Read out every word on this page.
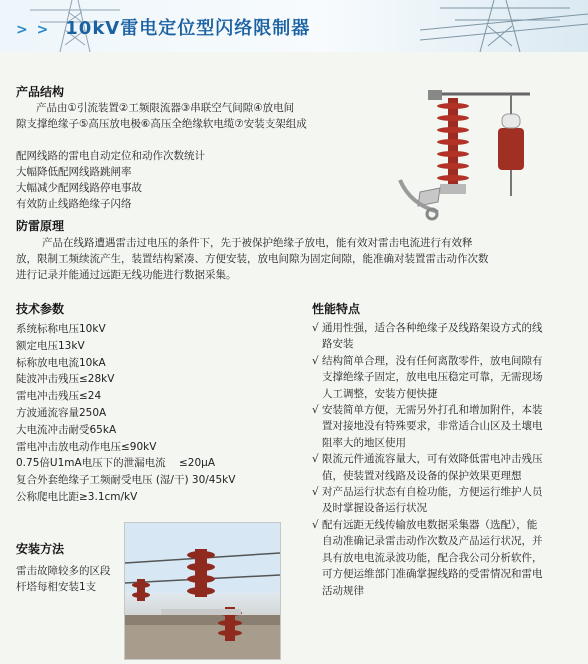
> > 10kV雷电定位型闪络限制器
产品结构
产品由①引流装置②工频限流器③串联空气间隙④放电间
隙支撑绝缘子⑤高压放电极⑥高压全绝缘软电缆⑦安装支架组成
配网线路的雷电自动定位和动作次数统计
大幅降低配网线路跳闸率
大幅减少配网线路停电事故
有效防止线路绝缘子闪络
防雷原理
产品在线路遭遇雷击过电压的条件下，先于被保护绝缘子放电，能有效对雷击电流进行有效释
放，限制工频续流产生，装置结构紧凑、方便安装，放电间隙为固定间隙，能准确对装置雷击动作次数
进行记录并能通过远距无线功能进行数据采集。
技术参数
系统标称电压10kV
额定电压13kV
标称放电电流10kA
陡波冲击残压≤28kV
雷电冲击残压≤24
方波通流容量250A
大电流冲击耐受65kA
雷电冲击放电动作电压≤90kV
0.75倍U1mA电压下的泄漏电流    ≤20μA
复合外套绝缘子工频耐受电压 (湿/干) 30/45kV
公称爬电比距≥3.1cm/kV
安装方法
雷击故障较多的区段
杆塔每相安装1支
性能特点
√ 通用性强，适合各种绝缘子及线路架设方式的线
路安装
√ 结构简单合理，没有任何离散零件，放电间隙有
支撑绝缘子固定，放电电压稳定可靠，无需现场
人工调整，安装方便快捷
√ 安装简单方便，无需另外打孔和增加附件，本装
置对接地没有特殊要求，非常适合山区及土壤电
阻率大的地区使用
√ 限流元件通流容量大，可有效降低雷电冲击残压
值，使装置对线路及设备的保护效果更理想
√ 对产品运行状态有自检功能，方便运行维护人员
及时掌握设备运行状况
√ 配有远距无线传输放电数据采集器（选配），能
自动准确记录雷击动作次数及产品运行状况，并
具有放电电流录波功能，配合我公司分析软件，
可方便运维部门准确掌握线路的受雷情况和雷电
活动规律
